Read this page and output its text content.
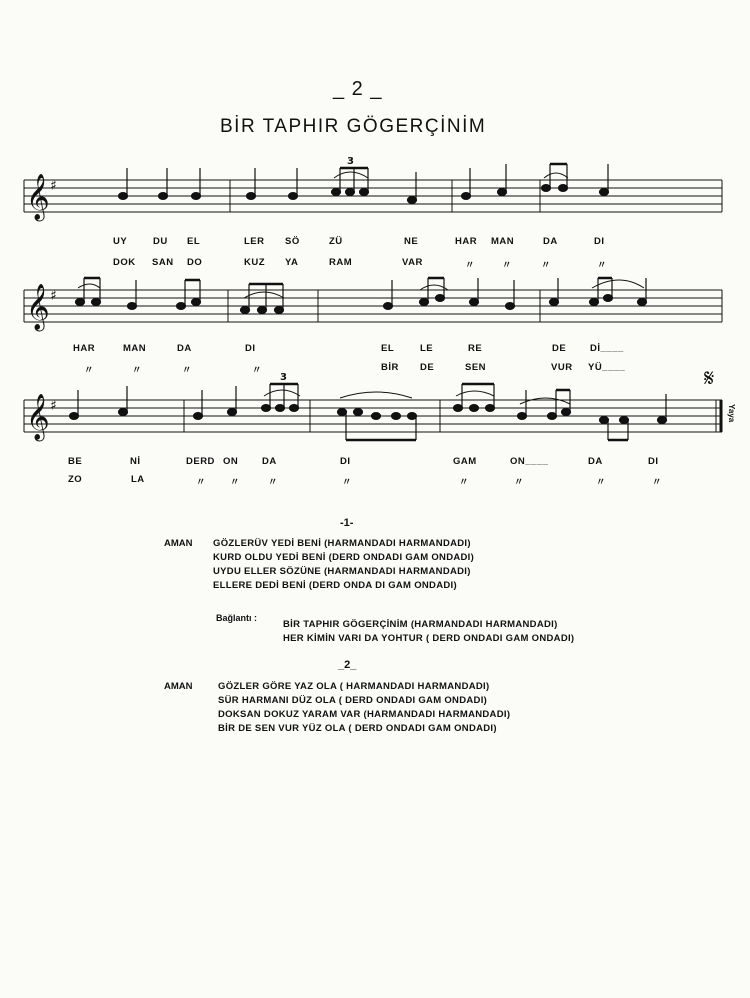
_ 2 _
BİR TAPHIR GÖGERÇİNİM
𝄞
𝄞
𝄞
♯
♯
♯
𝄋
3
3
UY	DU EL	LER SÖ	ZÜ	NE	HAR MAN	DA	DI
DOK SAN DO	KUZ YA	RAM	VAR	〃	〃	〃	〃
HAR	MAN	DA	DI	EL	LE	RE	DE	Dİ____
〃	〃	〃	〃	BİR DE	SEN	VUR YÜ____
BE	Nİ	DERD ON	DA	DI	GAM	ON____	DA	DI
ZO	LA	〃	〃	〃	〃	〃	〃	〃	〃
Yaya
-1-
AMAN GÖZLERÜV YEDİ BENİ (HARMANDADI HARMANDADI)
KURD OLDU YEDİ BENİ (DERD ONDADI GAM ONDADI)
UYDU ELLER SÖZÜNE (HARMANDADI HARMANDADI)
ELLERE DEDİ BENİ (DERD ONDA DI GAM ONDADI)
Bağlantı :
BİR TAPHIR GÖGERÇİNİM (HARMANDADI HARMANDADI)
HER KİMİN VARI DA YOHTUR ( DERD ONDADI GAM ONDADI)
_2_
AMAN	GÖZLER GÖRE YAZ OLA ( HARMANDADI HARMANDADI)
SÜR HARMANI DÜZ OLA ( DERD ONDADI GAM ONDADI)
DOKSAN DOKUZ YARAM VAR (HARMANDADI HARMANDADI)
BİR DE SEN VUR YÜZ OLA ( DERD ONDADI GAM ONDADI)
